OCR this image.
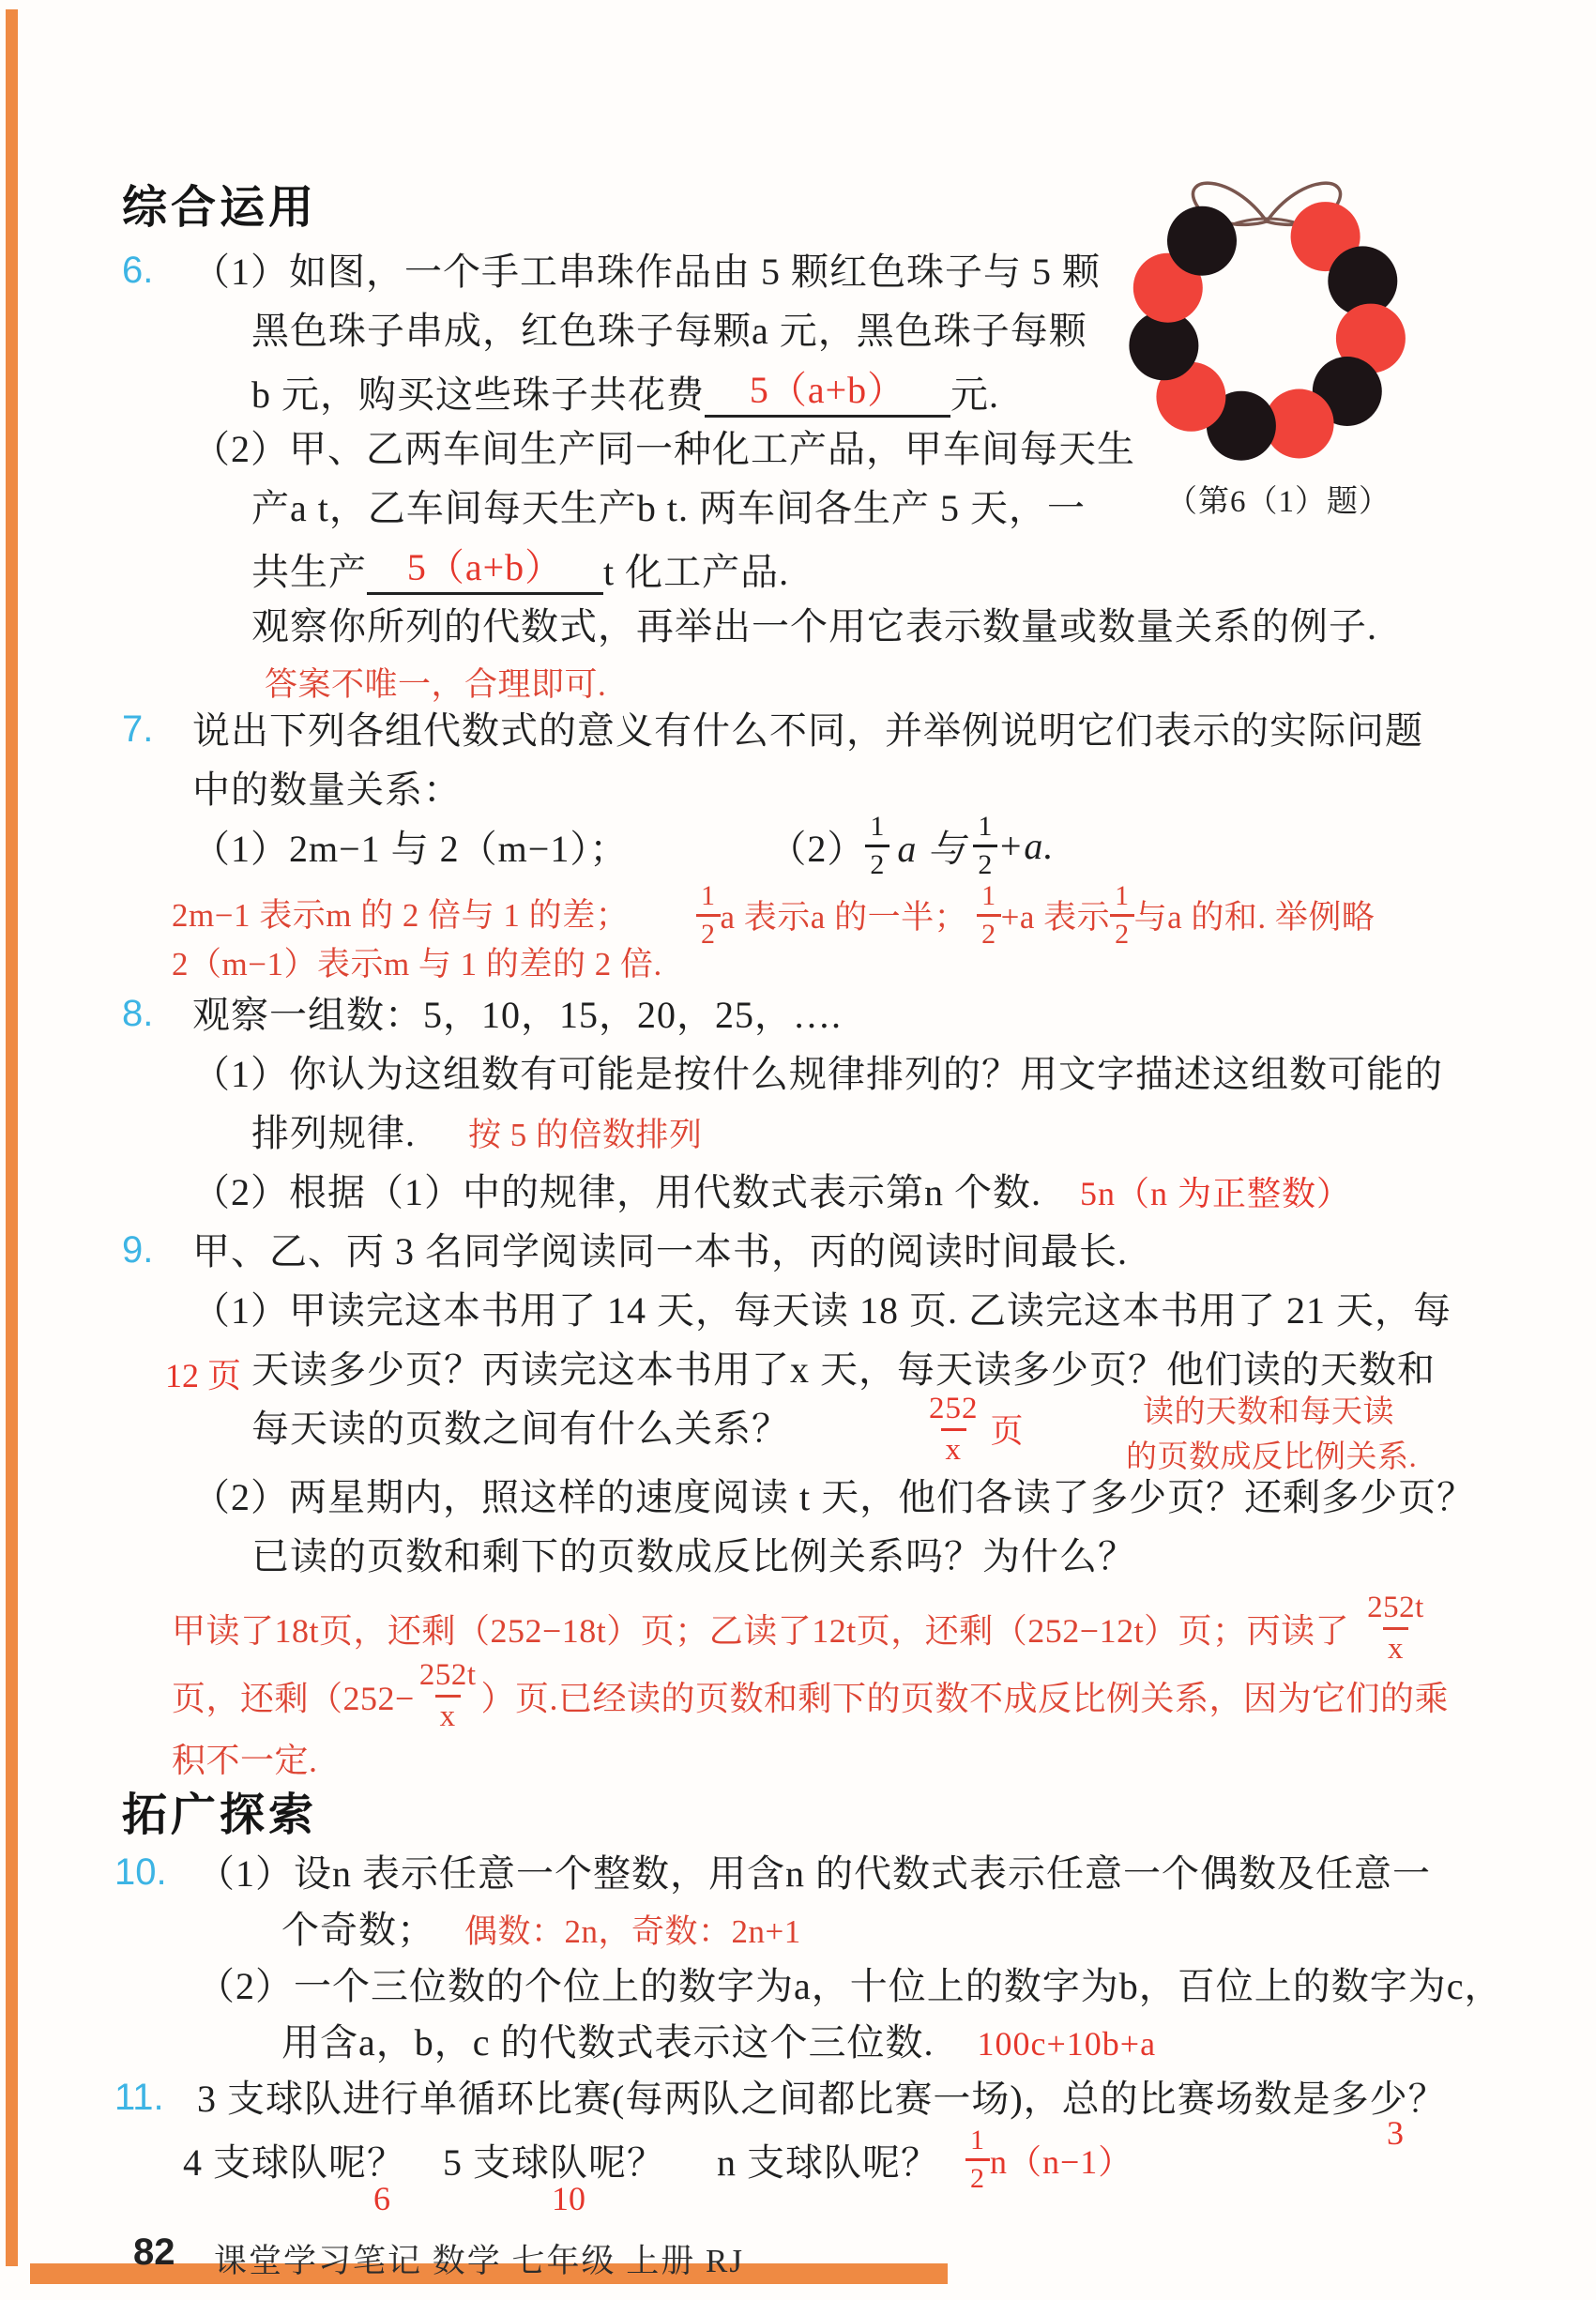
综合运用
6. （1）如图，一个手工串珠作品由 5 颗红色珠子与 5 颗
黑色珠子串成，红色珠子每颗a 元，黑色珠子每颗
b 元，购买这些珠子共花费 5（a+b） 元.
（2）甲、乙两车间生产同一种化工产品，甲车间每天生
产a t，乙车间每天生产b t. 两车间各生产 5 天，一
共生产 5（a+b） t 化工产品.
观察你所列的代数式，再举出一个用它表示数量或数量关系的例子.
答案不唯一，合理即可.
（第6（1）题）
7. 说出下列各组代数式的意义有什么不同，并举例说明它们表示的实际问题
中的数量关系：
（1）2m−1 与 2（m−1）；	（2）
1
2 a 与
1
2 +a.
2m−1 表示m 的 2 倍与 1 的差；
2（m−1）表示m 与 1 的差的 2 倍.
1
2 a 表示a 的一半；
1
2 +a 表示
1
2 与a 的和. 举例略
8. 观察一组数：5，10，15，20，25，….
（1）你认为这组数有可能是按什么规律排列的？用文字描述这组数可能的
排列规律. 按 5 的倍数排列
（2）根据（1）中的规律，用代数式表示第n 个数. 5n（n 为正整数）
9. 甲、乙、丙 3 名同学阅读同一本书，丙的阅读时间最长.
（1）甲读完这本书用了 14 天，每天读 18 页. 乙读完这本书用了 21 天，每
12 页 天读多少页？丙读完这本书用了x 天，每天读多少页？他们读的天数和
每天读的页数之间有什么关系？	252
x 页
读的天数和每天读
的页数成反比例关系.
（2）两星期内，照这样的速度阅读 t 天，他们各读了多少页？还剩多少页？
已读的页数和剩下的页数成反比例关系吗？为什么？
甲读了18t页，还剩（252−18t）页；乙读了12t页，还剩（252−12t）页；丙读了
252t
x
页，还剩（$252- \frac{252t}{x}$ ）页.已经读的页数和剩下的页数不成反比例关系，因为它们的乘
积不一定.
拓广探索
10. （1）设n 表示任意一个整数，用含n 的代数式表示任意一个偶数及任意一
个奇数； 偶数：2n，奇数：2n+1
（2）一个三位数的个位上的数字为a，十位上的数字为b，百位上的数字为c，
用含a，b，c 的代数式表示这个三位数. 100c+10b+a
11. 3 支球队进行单循环比赛(每两队之间都比赛一场)，总的比赛场数是多少？
3
4 支球队呢？ 5 支球队呢？ n 支球队呢？
1
2 n（n−1）
6	10
82 课堂学习笔记 数学 七年级 上册 RJ
